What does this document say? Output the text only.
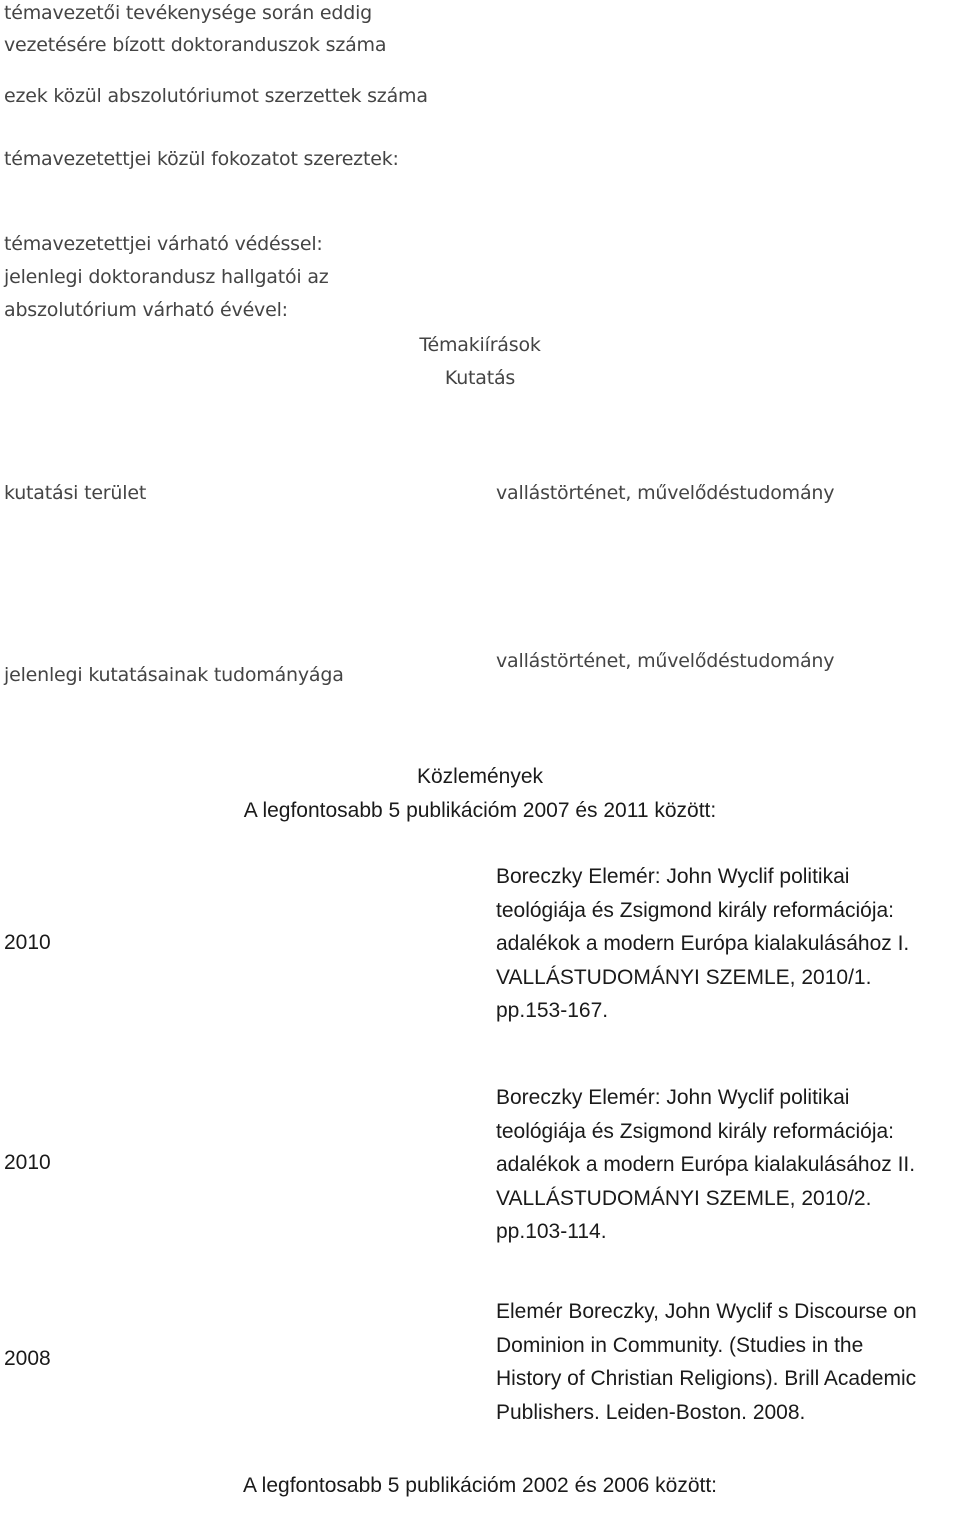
témavezetői tevékenysége során eddig

vezetésére bízott doktoranduszok száma

ezek közül abszolutóriumot szerzettek száma

témavezetettjei közül fokozatot szereztek:

témavezetettjei várható védéssel:

jelenlegi doktorandusz hallgatói az

abszolutórium várható évével:

Témakiírások

Kutatás

kutatási terület	vallástörténet, művelődéstudomány

jelenlegi kutatásainak tudományága

vallástörténet, művelődéstudomány

Közlemények

A legfontosabb 5 publikációm 2007 és 2011 között:

2010

Boreczky Elemér: John Wyclif politikai
teológiája és Zsigmond király reformációja:
adalékok a modern Európa kialakulásához I.
VALLÁSTUDOMÁNYI SZEMLE, 2010/1.
pp.153-167.

2010

Boreczky Elemér: John Wyclif politikai
teológiája és Zsigmond király reformációja:
adalékok a modern Európa kialakulásához II.
VALLÁSTUDOMÁNYI SZEMLE, 2010/2.
pp.103-114.

2008

Elemér Boreczky, John Wyclif s Discourse on
Dominion in Community. (Studies in the
History of Christian Religions). Brill Academic
Publishers. Leiden-Boston. 2008.

A legfontosabb 5 publikációm 2002 és 2006 között:
